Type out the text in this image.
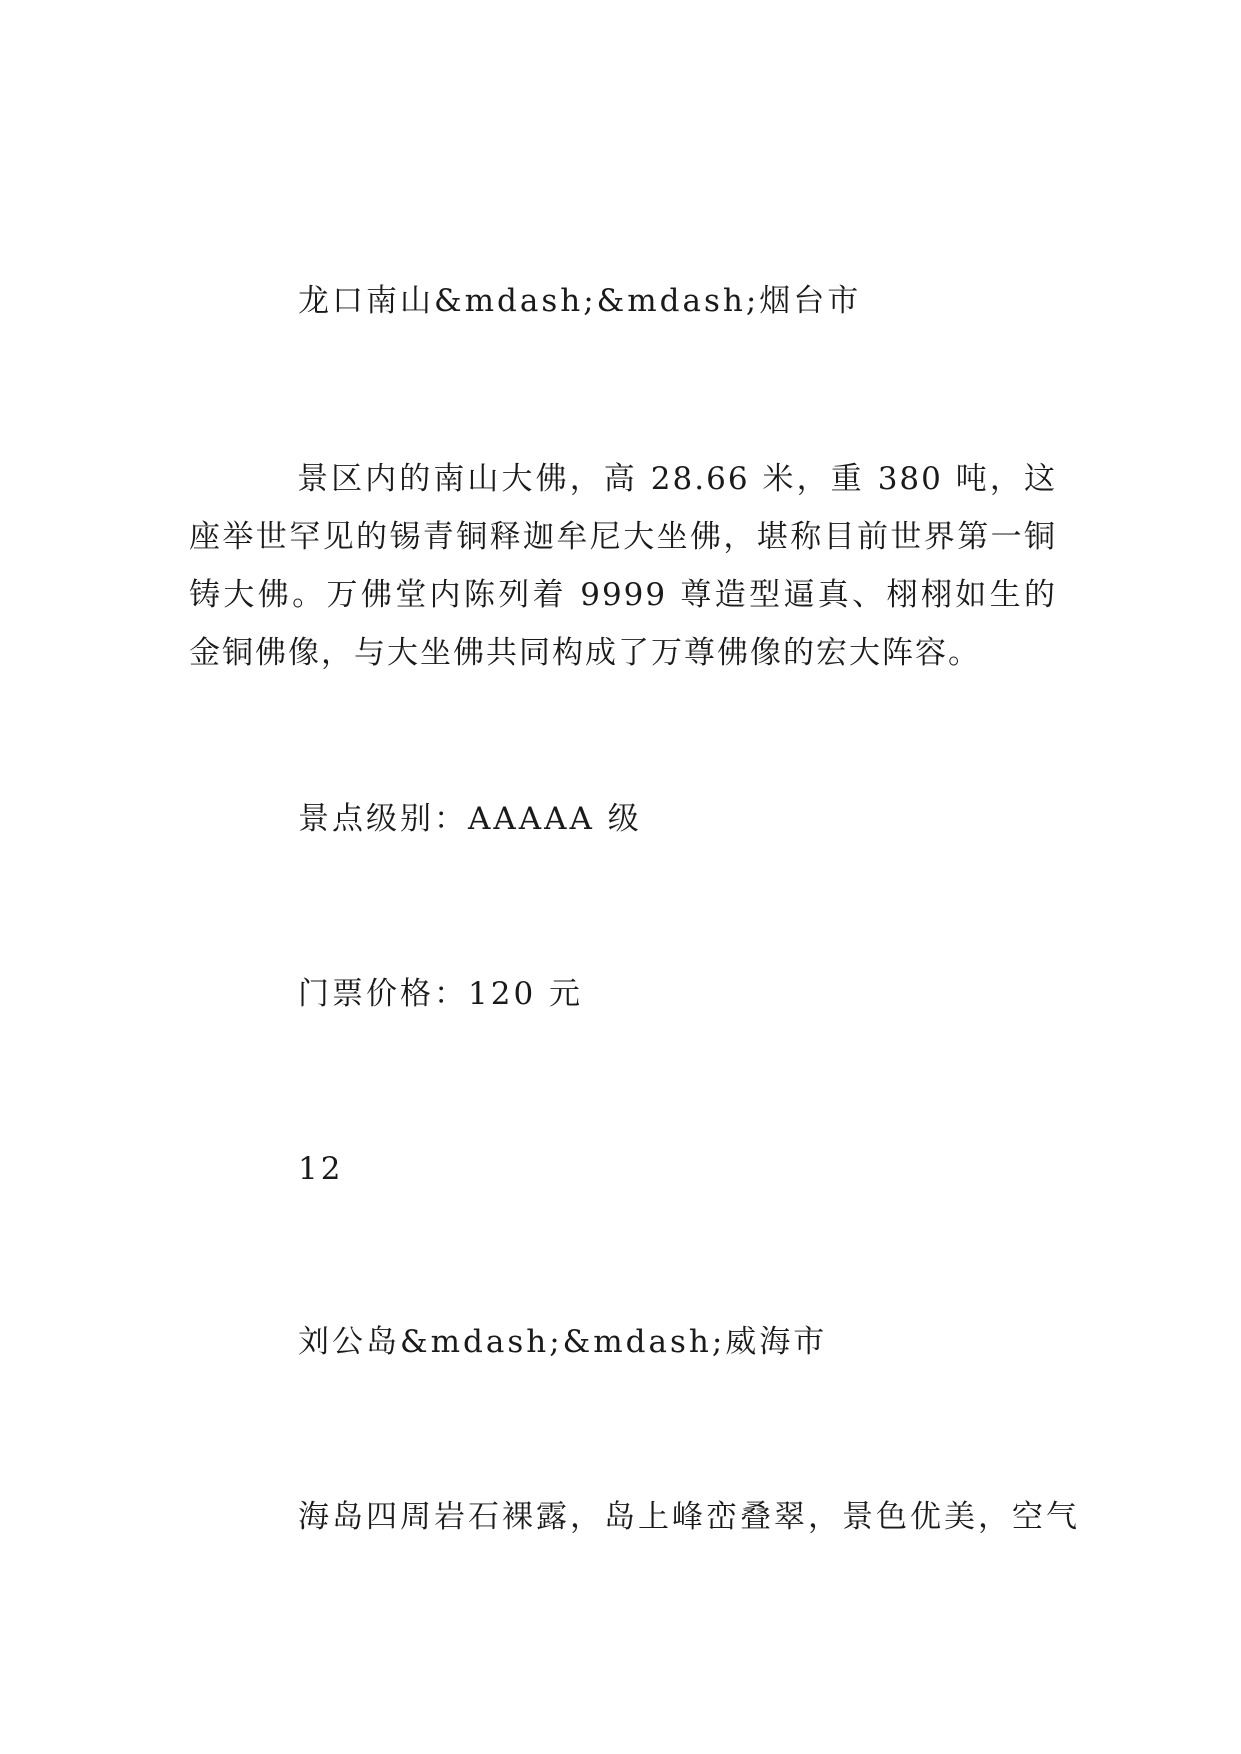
龙口南山&mdash;&mdash;烟台市
景区内的南山大佛，高 28.66 米，重 380 吨，这座举世罕见的锡青铜释迦牟尼大坐佛，堪称目前世界第一铜铸大佛。万佛堂内陈列着 9999 尊造型逼真、栩栩如生的金铜佛像，与大坐佛共同构成了万尊佛像的宏大阵容。
景点级别：AAAAA 级
门票价格：120 元
12
刘公岛&mdash;&mdash;威海市
海岛四周岩石裸露，岛上峰峦叠翠，景色优美，空气
